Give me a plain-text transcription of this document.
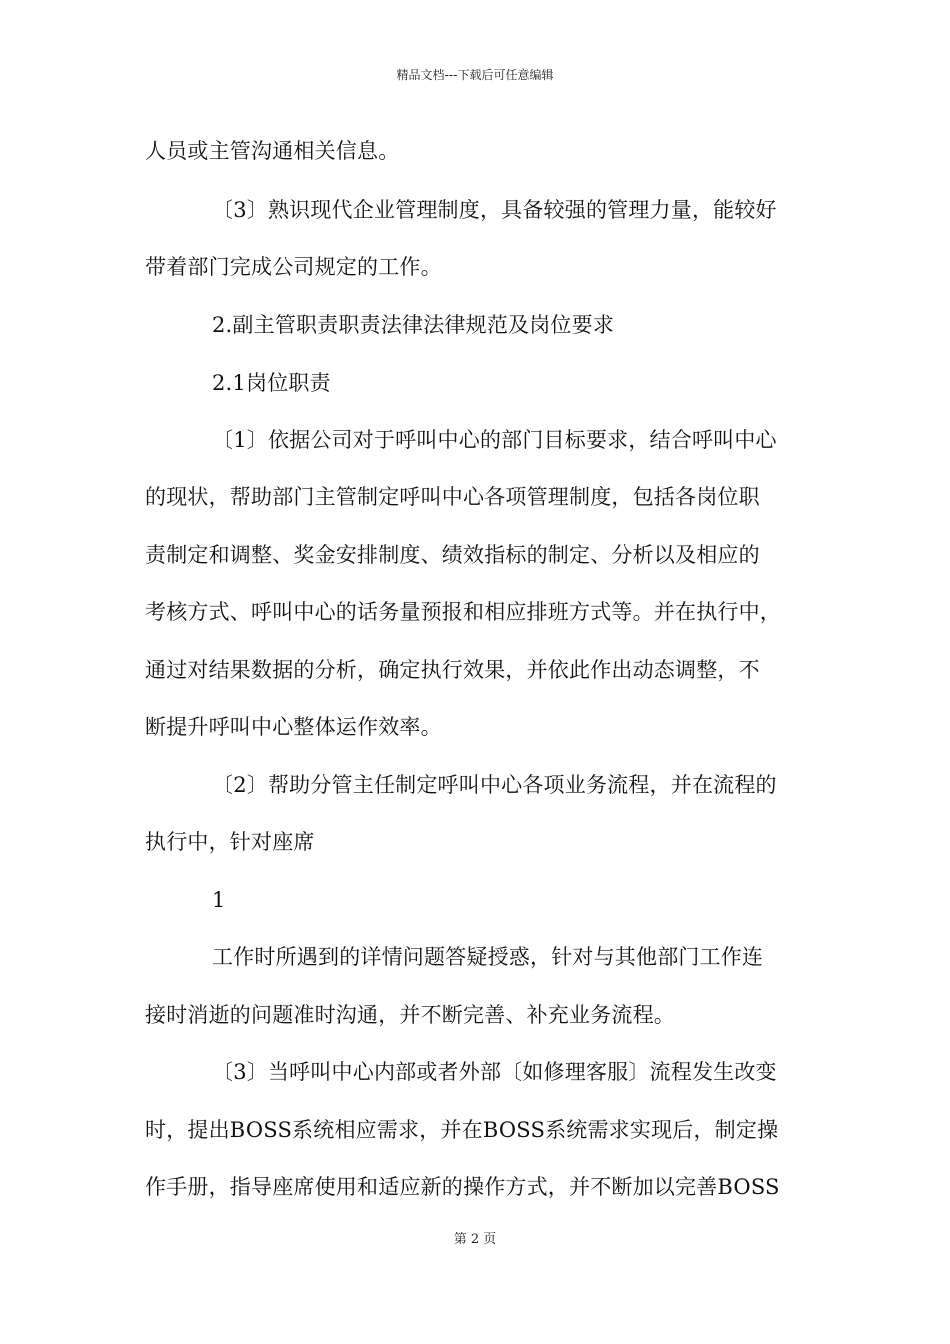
精品文档---下载后可任意编辑
人员或主管沟通相关信息。
〔3〕熟识现代企业管理制度，具备较强的管理力量，能较好
带着部门完成公司规定的工作。
2.副主管职责职责法律法律规范及岗位要求
2.1岗位职责
〔1〕依据公司对于呼叫中心的部门目标要求，结合呼叫中心
的现状，帮助部门主管制定呼叫中心各项管理制度，包括各岗位职
责制定和调整、奖金安排制度、绩效指标的制定、分析以及相应的
考核方式、呼叫中心的话务量预报和相应排班方式等。并在执行中，
通过对结果数据的分析，确定执行效果，并依此作出动态调整，不
断提升呼叫中心整体运作效率。
〔2〕帮助分管主任制定呼叫中心各项业务流程，并在流程的
执行中，针对座席
1
工作时所遇到的详情问题答疑授惑，针对与其他部门工作连
接时消逝的问题准时沟通，并不断完善、补充业务流程。
〔3〕当呼叫中心内部或者外部〔如修理客服〕流程发生改变
时，提出BOSS系统相应需求，并在BOSS系统需求实现后，制定操
作手册，指导座席使用和适应新的操作方式，并不断加以完善BOSS
第 2 页
